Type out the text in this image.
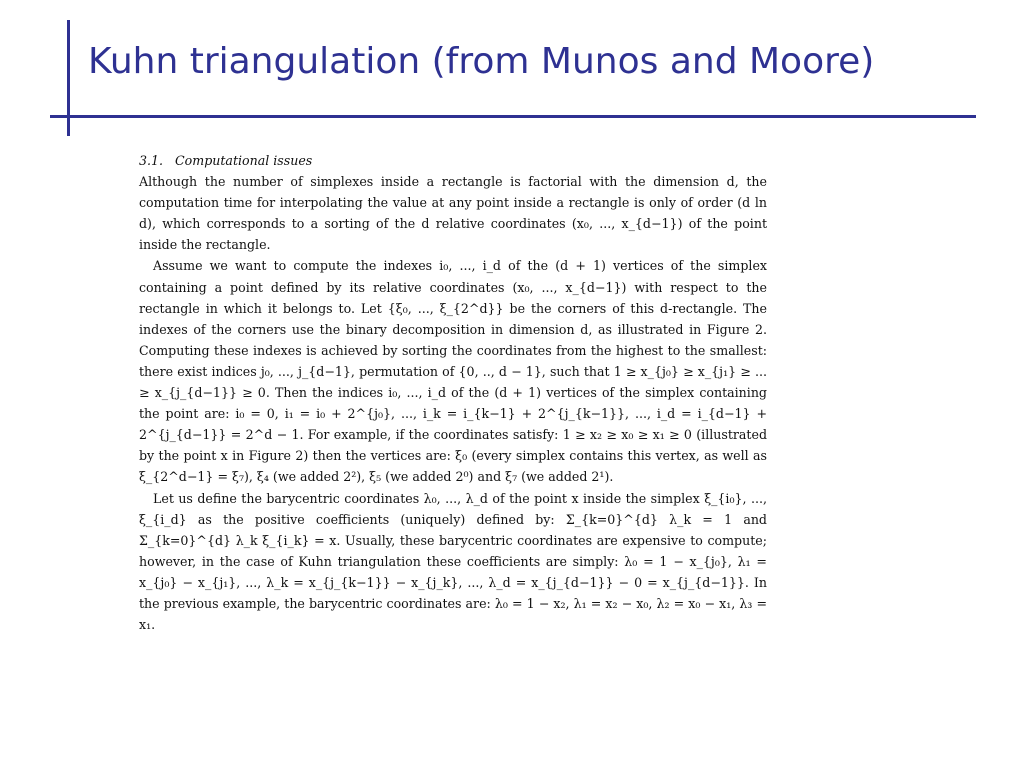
Kuhn triangulation (from Munos and Moore)

3.1.   Computational issues

Although the number of simplexes inside a rectangle is factorial with the dimension d, the computation time for interpolating the value at any point inside a rectangle is only of order (d ln d), which corresponds to a sorting of the d relative coordinates (x₀, ..., x_{d−1}) of the point inside the rectangle.

Assume we want to compute the indexes i₀, ..., i_d of the (d + 1) vertices of the simplex containing a point defined by its relative coordinates (x₀, ..., x_{d−1}) with respect to the rectangle in which it belongs to. Let {ξ₀, ..., ξ_{2^d}} be the corners of this d-rectangle. The indexes of the corners use the binary decomposition in dimension d, as illustrated in Figure 2. Computing these indexes is achieved by sorting the coordinates from the highest to the smallest: there exist indices j₀, ..., j_{d−1}, permutation of {0, .., d − 1}, such that 1 ≥ x_{j₀} ≥ x_{j₁} ≥ ... ≥ x_{j_{d−1}} ≥ 0. Then the indices i₀, ..., i_d of the (d + 1) vertices of the simplex containing the point are: i₀ = 0, i₁ = i₀ + 2^{j₀}, ..., i_k = i_{k−1} + 2^{j_{k−1}}, ..., i_d = i_{d−1} + 2^{j_{d−1}} = 2^d − 1. For example, if the coordinates satisfy: 1 ≥ x₂ ≥ x₀ ≥ x₁ ≥ 0 (illustrated by the point x in Figure 2) then the vertices are: ξ₀ (every simplex contains this vertex, as well as ξ_{2^d−1} = ξ₇), ξ₄ (we added 2²), ξ₅ (we added 2⁰) and ξ₇ (we added 2¹).

Let us define the barycentric coordinates λ₀, ..., λ_d of the point x inside the simplex ξ_{i₀}, ..., ξ_{i_d} as the positive coefficients (uniquely) defined by: Σ_{k=0}^{d} λ_k = 1 and Σ_{k=0}^{d} λ_k ξ_{i_k} = x. Usually, these barycentric coordinates are expensive to compute; however, in the case of Kuhn triangulation these coefficients are simply: λ₀ = 1 − x_{j₀}, λ₁ = x_{j₀} − x_{j₁}, ..., λ_k = x_{j_{k−1}} − x_{j_k}, ..., λ_d = x_{j_{d−1}} − 0 = x_{j_{d−1}}. In the previous example, the barycentric coordinates are: λ₀ = 1 − x₂, λ₁ = x₂ − x₀, λ₂ = x₀ − x₁, λ₃ = x₁.
